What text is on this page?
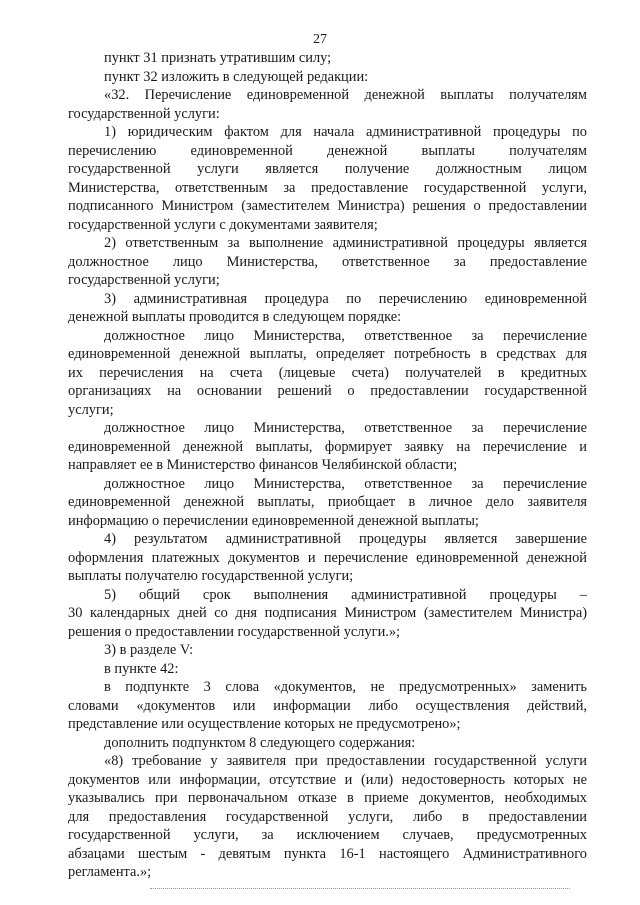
27
пункт 31 признать утратившим силу;
пункт 32 изложить в следующей редакции:
«32. Перечисление единовременной денежной выплаты получателям
государственной услуги:
1) юридическим фактом для начала административной процедуры по
перечислению единовременной денежной выплаты получателям
государственной услуги является получение должностным лицом
Министерства, ответственным за предоставление государственной услуги,
подписанного Министром (заместителем Министра) решения о предоставлении
государственной услуги с документами заявителя;
2) ответственным за выполнение административной процедуры является
должностное лицо Министерства, ответственное за предоставление
государственной услуги;
3) административная процедура по перечислению единовременной
денежной выплаты проводится в следующем порядке:
должностное лицо Министерства, ответственное за перечисление
единовременной денежной выплаты, определяет потребность в средствах для
их перечисления на счета (лицевые счета) получателей в кредитных
организациях на основании решений о предоставлении государственной
услуги;
должностное лицо Министерства, ответственное за перечисление
единовременной денежной выплаты, формирует заявку на перечисление и
направляет ее в Министерство финансов Челябинской области;
должностное лицо Министерства, ответственное за перечисление
единовременной денежной выплаты, приобщает в личное дело заявителя
информацию о перечислении единовременной денежной выплаты;
4) результатом административной процедуры является завершение
оформления платежных документов и перечисление единовременной денежной
выплаты получателю государственной услуги;
5) общий срок выполнения административной процедуры –
30 календарных дней со дня подписания Министром (заместителем Министра)
решения о предоставлении государственной услуги.»;
3) в разделе V:
в пункте 42:
в подпункте 3 слова «документов, не предусмотренных» заменить
словами «документов или информации либо осуществления действий,
представление или осуществление которых не предусмотрено»;
дополнить подпунктом 8 следующего содержания:
«8) требование у заявителя при предоставлении государственной услуги
документов или информации, отсутствие и (или) недостоверность которых не
указывались при первоначальном отказе в приеме документов, необходимых
для предоставления государственной услуги, либо в предоставлении
государственной услуги, за исключением случаев, предусмотренных
абзацами шестым - девятым пункта 16-1 настоящего Административного
регламента.»;
